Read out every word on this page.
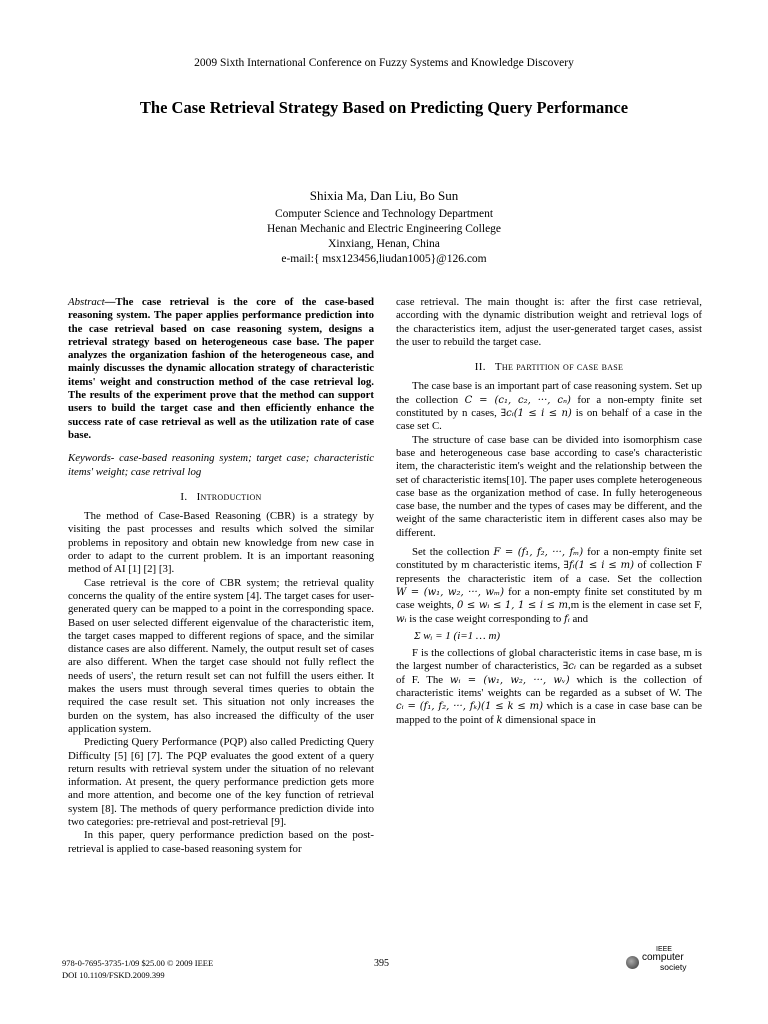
2009 Sixth International Conference on Fuzzy Systems and Knowledge Discovery
The Case Retrieval Strategy Based on Predicting Query Performance
Shixia Ma, Dan Liu, Bo Sun
Computer Science and Technology Department
Henan Mechanic and Electric Engineering College
Xinxiang, Henan, China
e-mail:{ msx123456,liudan1005}@126.com

Abstract—The case retrieval is the core of the case-based reasoning system. The paper applies performance prediction into the case retrieval based on case reasoning system, designs a retrieval strategy based on heterogeneous case base. The paper analyzes the organization fashion of the heterogeneous case, and mainly discusses the dynamic allocation strategy of characteristic items' weight and construction method of the case retrieval log. The results of the experiment prove that the method can support users to build the target case and then efficiently enhance the success rate of case retrieval as well as the utilization rate of case base.

Keywords- case-based reasoning system; target case; characteristic items' weight; case retrival log

I. Introduction

The method of Case-Based Reasoning (CBR) is a strategy by visiting the past processes and results which solved the similar problems in repository and obtain new knowledge from new case in order to adapt to the current problem. It is an important reasoning method of AI [1] [2] [3].

Case retrieval is the core of CBR system; the retrieval quality concerns the quality of the entire system [4]. The target cases for user-generated query can be mapped to a point in the corresponding space. Based on user selected different eigenvalue of the characteristic item, the target cases mapped to different regions of space, and the similar distance cases are also different. Namely, the output result set of cases are also different. When the target case should not fully reflect the needs of users', the return result set can not fulfill the users either. It makes the users must through several times queries to obtain the required the case result set. This situation not only increases the burden on the system, has also increased the difficulty of the user application system.

Predicting Query Performance (PQP) also called Predicting Query Difficulty [5] [6] [7]. The PQP evaluates the good extent of a query return results with retrieval system under the situation of no relevant information. At present, the query performance prediction gets more and more attention, and become one of the key function of retrieval system [8]. The methods of query performance prediction divide into two categories: pre-retrieval and post-retrieval [9].

In this paper, query performance prediction based on the post-retrieval is applied to case-based reasoning system for

case retrieval. The main thought is: after the first case retrieval, according with the dynamic distribution weight and retrieval logs of the characteristics item, adjust the user-generated target cases, assist the user to rebuild the target case.

II. The partition of case base

The case base is an important part of case reasoning system. Set up the collection C = (c₁, c₂, ···, cₙ) for a non-empty finite set constituted by n cases, ∃cᵢ(1 ≤ i ≤ n) is on behalf of a case in the case set C.

The structure of case base can be divided into isomorphism case base and heterogeneous case base according to case's characteristic item, the characteristic item's weight and the relationship between the set of characteristic items[10]. The paper uses complete heterogeneous case base as the organization method of case. In fully heterogeneous case base, the number and the types of cases may be different, and the weight of the same characteristic item in different cases also may be different.

Set the collection F = (f₁, f₂, ···, fₘ) for a non-empty finite set constituted by m characteristic items, ∃fᵢ(1 ≤ i ≤ m) of collection F represents the characteristic item of a case. Set the collection W = (w₁, w₂, ···, wₘ) for a non-empty finite set constituted by m case weights, 0 ≤ wᵢ ≤ 1, 1 ≤ i ≤ m,m is the element in case set F, wᵢ is the case weight corresponding to fᵢ and
Σ wᵢ = 1 (i=1 … m)

F is the collections of global characteristic items in case base, m is the largest number of characteristics, ∃cᵢ can be regarded as a subset of F. The wᵢ = (w₁, w₂, ···, wᵥ) which is the collection of characteristic items' weights can be regarded as a subset of W. The cᵢ = (f₁, f₂, ···, fₖ)(1 ≤ k ≤ m) which is a case in case base can be mapped to the point of k dimensional space in

978-0-7695-3735-1/09 $25.00 © 2009 IEEE
DOI 10.1109/FSKD.2009.399
395
IEEE
computer
society
